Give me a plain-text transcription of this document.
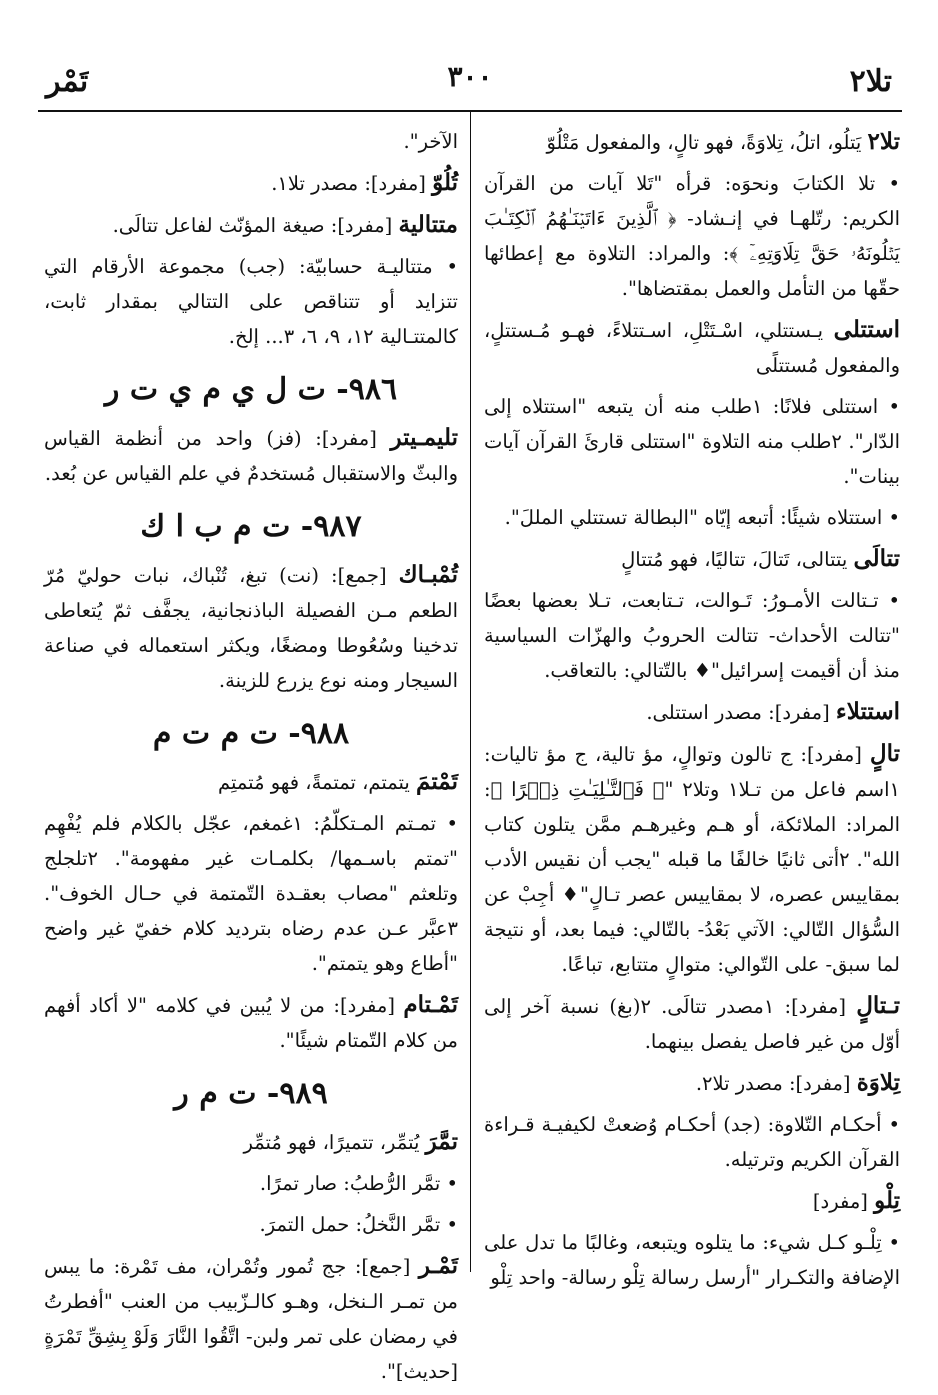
تلا٢
٣٠٠
تَمْر

تلا٢ يَتلُو، اتلُ، تِلاوَةً، فهو تالٍ، والمفعول مَتْلُوّ

• تلا الكتابَ ونحوَه: قرأه "تَلا آيات من القرآن الكريم: رتّلهـا في إنـشاد- ﴿ ٱلَّذِينَ ءَاتَيۡنَـٰهُمُ ٱلۡكِتَـٰبَ يَتۡلُونَهُۥ حَقَّ تِلَاوَتِهِۦٓ ﴾: والمراد: التلاوة مع إعطائها حقّها من التأمل والعمل بمقتضاها".

استتلى يـستتلي، اسْـتَتْلِ، اسـتتلاءً، فهـو مُـستتلٍ، والمفعول مُستتلًى

• استتلى فلانًا: ١طلب منه أن يتبعه "استتلاه إلى الدّار". ٢طلب منه التلاوة "استتلى قارئَ القرآن آيات بينات".

• استتلاه شيئًا: أتبعه إيّاه "البطالة تستتلي المللَ".

تتالَى يتتالى، تَتالَ، تتاليًا، فهو مُتتالٍ

• تـتالت الأمـورُ: تَـوالت، تـتابعت، تـلا بعضها بعضًا "تتالت الأحداث- تتالت الحروبُ والهزّات السياسية منذ أن أقيمت إسرائيل"♦ بالتّتالي: بالتعاقب.

استتلاء [مفرد]: مصدر استتلى.

تالٍ [مفرد]: ج تالون وتوالٍ، مؤ تالية، ج مؤ تاليات: ١اسم فاعل من تـلا١ وتلا٢ "﴿ فَٱلتَّـٰلِيَـٰتِ ذِكۡرًا ﴾: المراد: الملائكة، أو هـم وغيرهـم ممَّن يتلون كتاب الله". ٢أتى ثانيًا خالفًا ما قبله "يجب أن نقيس الأدب بمقاييس عصره، لا بمقاييس عصر تـالٍ"♦ أجِبْ عن السُّؤال التّالي: الآتي بَعْدُ- بالتّالي: فيما بعد، أو نتيجة لما سبق- على التّوالي: متوالٍ متتابع، تباعًا.

تـتالٍ [مفرد]: ١مصدر تتالَى. ٢(بغ) نسبة آخر إلى أوّل من غير فاصل يفصل بينهما.

تِلاوَة [مفرد]: مصدر تلا٢.

• أحكـام التّلاوة: (جد) أحكـام وُضعتْ لكيفيـة قـراءة القرآن الكريم وترتيله.

تِلْو [مفرد]

• تِلْـو كـل شيء: ما يتلوه ويتبعه، وغالبًا ما تدل على الإضافة والتكـرار "أرسل رسالة تِلْو رسالة- واحد تِلْو

الآخر".

تُلُوّ [مفرد]: مصدر تلا١.

متتالية [مفرد]: صيغة المؤنّث لفاعل تتالَى.

• متتاليـة حسابيّة: (جب) مجموعة الأرقام التي تتزايد أو تتناقص على التتالي بمقدار ثابت، كالمتتـالية ١٢، ٩، ٦، ٣... إلخ.

٩٨٦- ت ل ي م ي ت ر

تليمـيتر [مفرد]: (فز) واحد من أنظمة القياس والبثّ والاستقبال مُستخدمٌ في علم القياس عن بُعد.

٩٨٧- ت م ب ا ك

تُمْبـاك [جمع]: (نت) تبغ، تُنْباك، نبات حوليّ مُرّ الطعم مـن الفصيلة الباذنجانية، يجفَّف ثمّ يُتعاطى تدخينا وسُعُوطا ومضغًا، ويكثر استعماله في صناعة السيجار ومنه نوع يزرع للزينة.

٩٨٨- ت م ت م

تَمْتمَ يتمتم، تمتمةً، فهو مُتمتِم

• تمـتم المـتكلّمُ: ١غمغم، عجّل بالكلام فلم يُفْهِم "تمتم باسـمها/ بكلمـات غير مفهومة". ٢تلجلج وتلعثم "مصاب بعقـدة التّمتمة في حـال الخوف". ٣عبَّر عـن عدم رضاه بترديد كلام خفيّ غير واضح "أطاع وهو يتمتم".

تَمْـتام [مفرد]: من لا يُبين في كلامه "لا أكاد أفهم من كلام التّمتام شيئًا".

٩٨٩- ت م ر

تمَّرَ يُتمِّر، تتميرًا، فهو مُتمِّر

• تمَّر الرُّطبُ: صار تمرًا.

• تمَّر النَّخلُ: حمل التمرَ.

تَمْـر [جمع]: جج تُمور وتُمْران، مف تَمْرة: ما يبس من تمـر الـنخل، وهـو كالـزّبيب من العنب "أفطرتُ في رمضان على تمر ولبن- اتَّقُوا النَّارَ وَلَوْ بِشِقِّ تَمْرَةٍ [حديث]".
